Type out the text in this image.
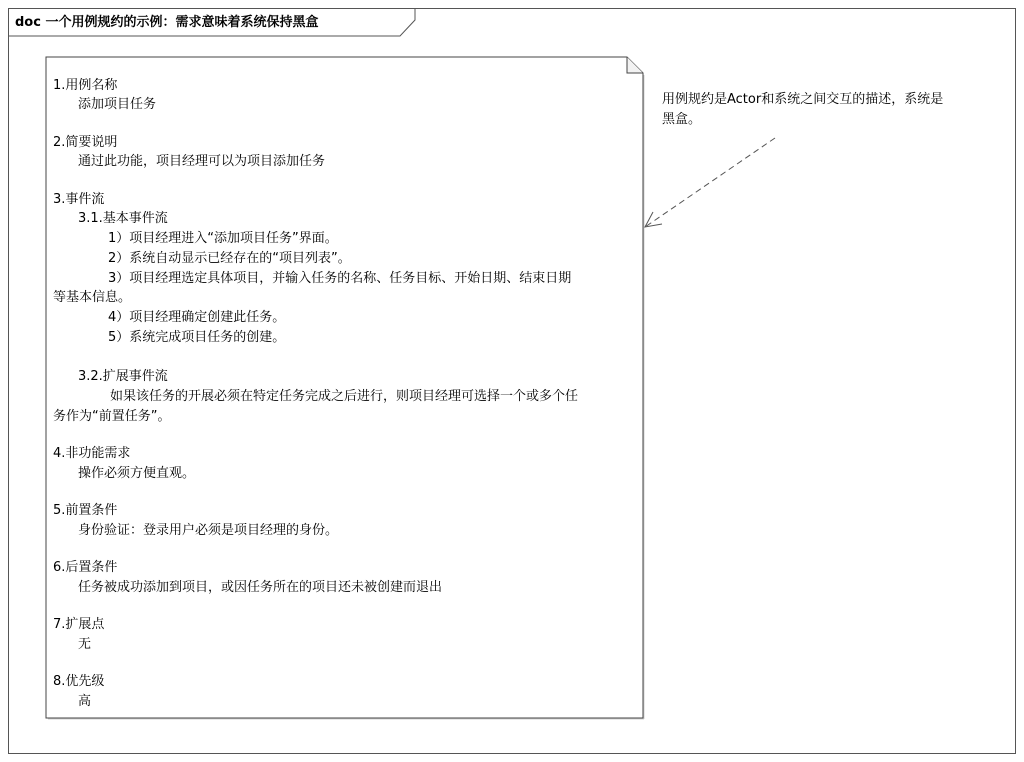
doc 一个用例规约的示例：需求意味着系统保持黑盒
1.用例名称
添加项目任务
2.简要说明
通过此功能，项目经理可以为项目添加任务
3.事件流
3.1.基本事件流
1）项目经理进入“添加项目任务”界面。
2）系统自动显示已经存在的“项目列表”。
3）项目经理选定具体项目，并输入任务的名称、任务目标、开始日期、结束日期
等基本信息。
4）项目经理确定创建此任务。
5）系统完成项目任务的创建。
3.2.扩展事件流
如果该任务的开展必须在特定任务完成之后进行，则项目经理可选择一个或多个任
务作为“前置任务”。
4.非功能需求
操作必须方便直观。
5.前置条件
身份验证：登录用户必须是项目经理的身份。
6.后置条件
任务被成功添加到项目，或因任务所在的项目还未被创建而退出
7.扩展点
无
8.优先级
高
用例规约是Actor和系统之间交互的描述，系统是
黑盒。
